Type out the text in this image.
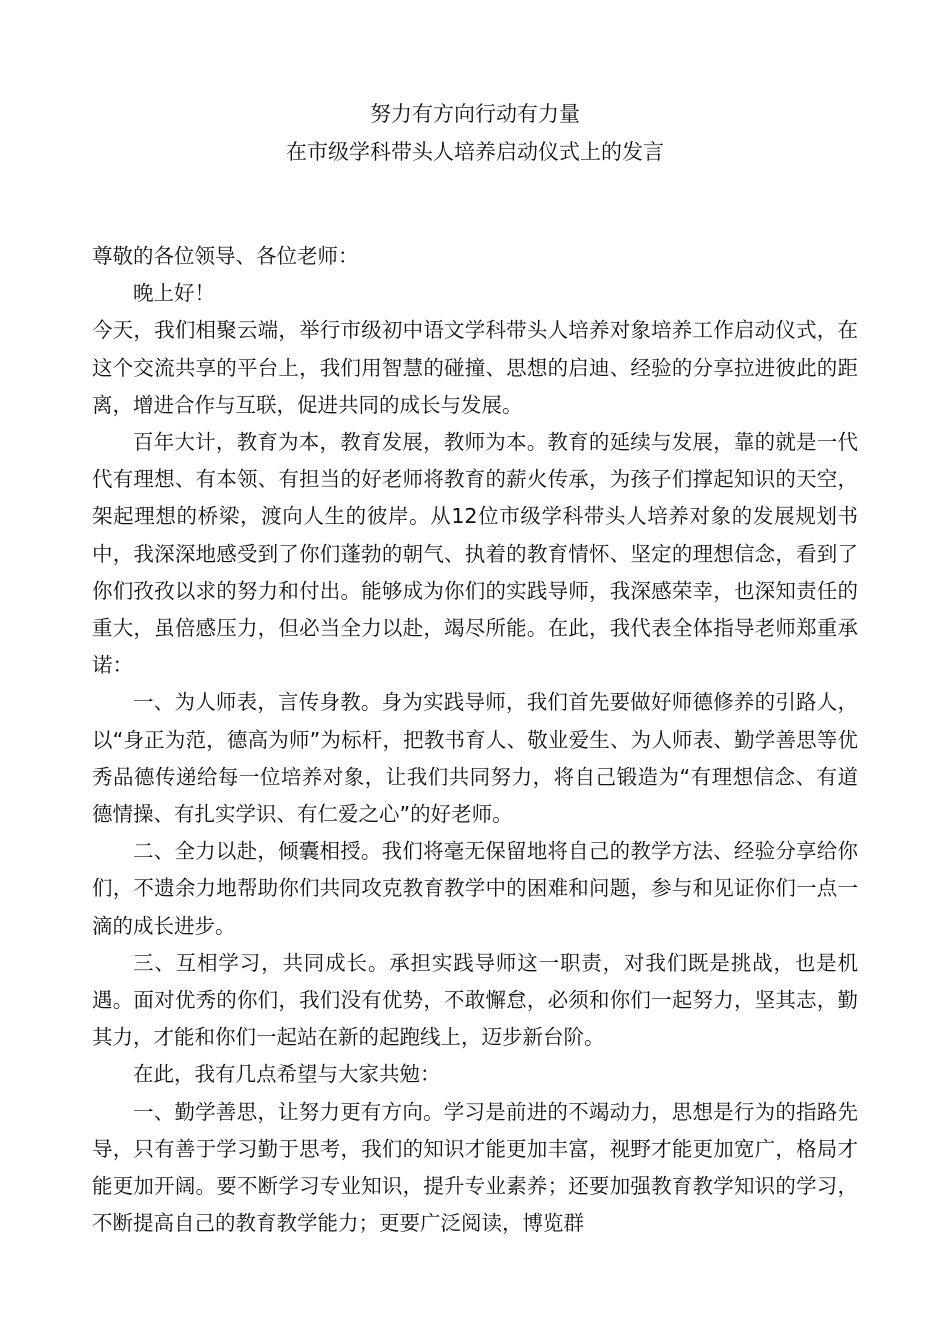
努力有方向行动有力量
在市级学科带头人培养启动仪式上的发言

尊敬的各位领导、各位老师：

晚上好！

今天，我们相聚云端，举行市级初中语文学科带头人培养对象培养工作启动仪式，在这个交流共享的平台上，我们用智慧的碰撞、思想的启迪、经验的分享拉进彼此的距离，增进合作与互联，促进共同的成长与发展。

百年大计，教育为本，教育发展，教师为本。教育的延续与发展，靠的就是一代代有理想、有本领、有担当的好老师将教育的薪火传承，为孩子们撑起知识的天空，架起理想的桥梁，渡向人生的彼岸。从12位市级学科带头人培养对象的发展规划书中，我深深地感受到了你们蓬勃的朝气、执着的教育情怀、坚定的理想信念，看到了你们孜孜以求的努力和付出。能够成为你们的实践导师，我深感荣幸，也深知责任的重大，虽倍感压力，但必当全力以赴，竭尽所能。在此，我代表全体指导老师郑重承诺：

一、为人师表，言传身教。身为实践导师，我们首先要做好师德修养的引路人，以“身正为范，德高为师”为标杆，把教书育人、敬业爱生、为人师表、勤学善思等优秀品德传递给每一位培养对象，让我们共同努力，将自己锻造为“有理想信念、有道德情操、有扎实学识、有仁爱之心”的好老师。

二、全力以赴，倾囊相授。我们将毫无保留地将自己的教学方法、经验分享给你们，不遗余力地帮助你们共同攻克教育教学中的困难和问题，参与和见证你们一点一滴的成长进步。

三、互相学习，共同成长。承担实践导师这一职责，对我们既是挑战，也是机遇。面对优秀的你们，我们没有优势，不敢懈怠，必须和你们一起努力，坚其志，勤其力，才能和你们一起站在新的起跑线上，迈步新台阶。

在此，我有几点希望与大家共勉：

一、勤学善思，让努力更有方向。学习是前进的不竭动力，思想是行为的指路先导，只有善于学习勤于思考，我们的知识才能更加丰富，视野才能更加宽广，格局才能更加开阔。要不断学习专业知识，提升专业素养；还要加强教育教学知识的学习，不断提高自己的教育教学能力；更要广泛阅读，博览群
